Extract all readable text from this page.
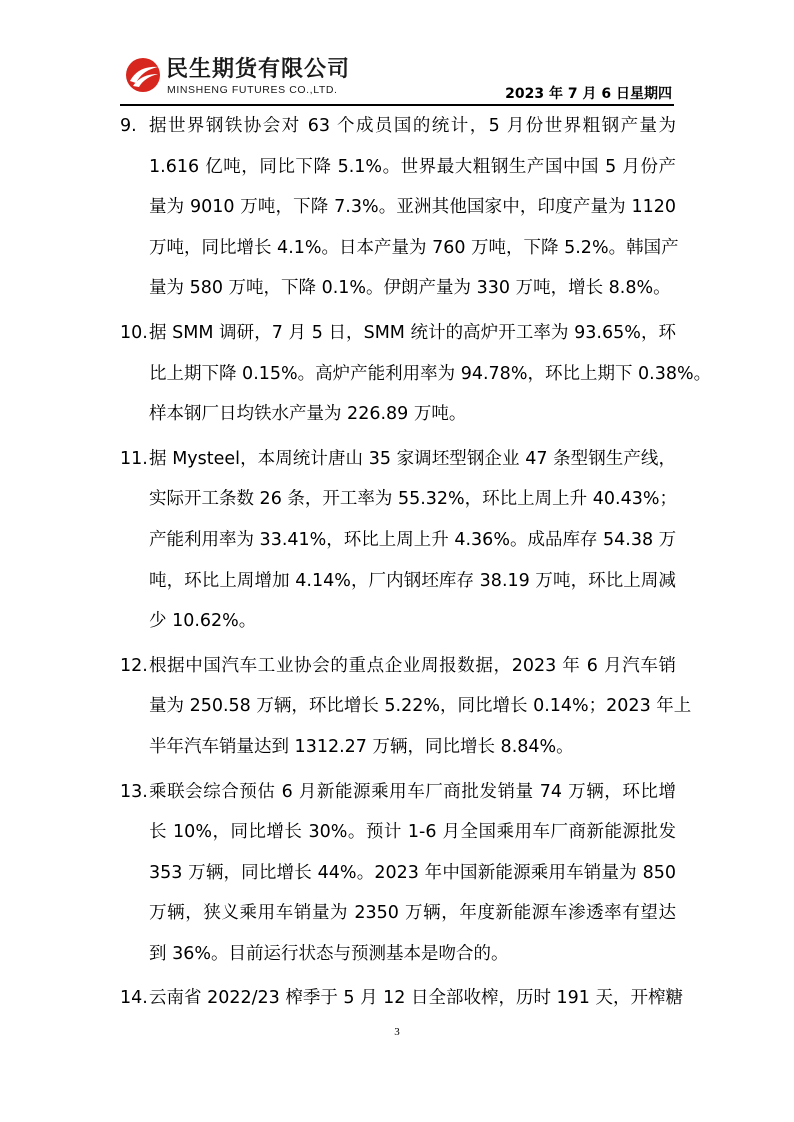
民生期货有限公司
MINSHENG FUTURES CO.,LTD.	2023 年 7 月 6 日星期四
9. 据世界钢铁协会对 63 个成员国的统计，5 月份世界粗钢产量为
1.616 亿吨，同比下降 5.1%。世界最大粗钢生产国中国 5 月份产
量为 9010 万吨，下降 7.3%。亚洲其他国家中，印度产量为 1120
万吨，同比增长 4.1%。日本产量为 760 万吨，下降 5.2%。韩国产
量为 580 万吨，下降 0.1%。伊朗产量为 330 万吨，增长 8.8%。
10. 据 SMM 调研，7 月 5 日，SMM 统计的高炉开工率为 93.65%，环
比上期下降 0.15%。高炉产能利用率为 94.78%，环比上期下 0.38%。
样本钢厂日均铁水产量为 226.89 万吨。
11. 据 Mysteel，本周统计唐山 35 家调坯型钢企业 47 条型钢生产线，
实际开工条数 26 条，开工率为 55.32%，环比上周上升 40.43%；
产能利用率为 33.41%，环比上周上升 4.36%。成品库存 54.38 万
吨，环比上周增加 4.14%，厂内钢坯库存 38.19 万吨，环比上周减
少 10.62%。
12. 根据中国汽车工业协会的重点企业周报数据，2023 年 6 月汽车销
量为 250.58 万辆，环比增长 5.22%，同比增长 0.14%；2023 年上
半年汽车销量达到 1312.27 万辆，同比增长 8.84%。
13. 乘联会综合预估 6 月新能源乘用车厂商批发销量 74 万辆，环比增
长 10%，同比增长 30%。预计 1-6 月全国乘用车厂商新能源批发
353 万辆，同比增长 44%。2023 年中国新能源乘用车销量为 850
万辆，狭义乘用车销量为 2350 万辆，年度新能源车渗透率有望达
到 36%。目前运行状态与预测基本是吻合的。
14. 云南省 2022/23 榨季于 5 月 12 日全部收榨，历时 191 天，开榨糖
3
